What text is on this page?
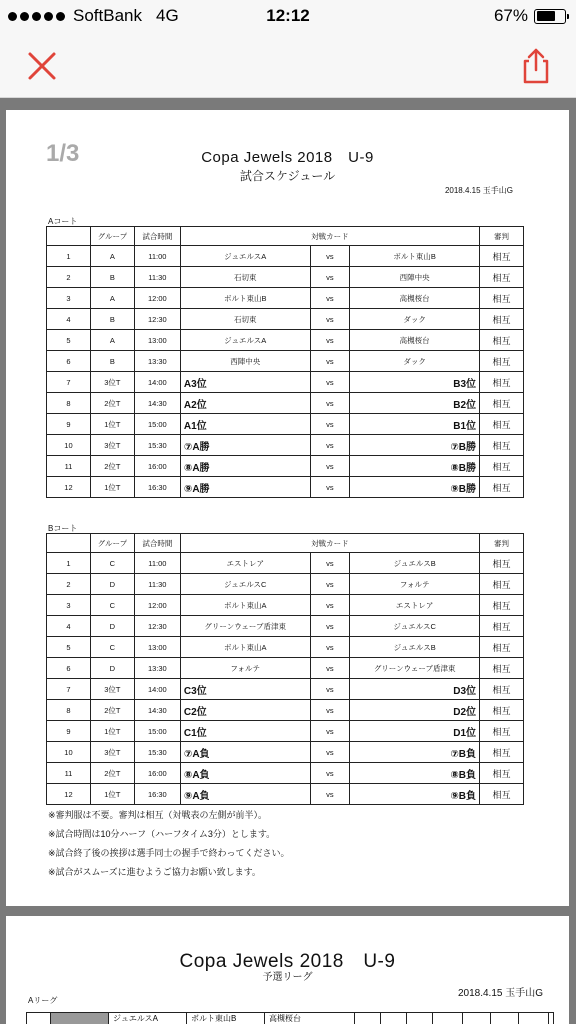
SoftBank 4G	12:12	67%
1/3	Copa Jewels 2018　U-9
試合スケジュール
2018.4.15 玉手山G
Aコート
	グループ	試合時間	対戦カード			審判
1	A	11:00	ジュエルスA	vs	ボルト東山B	相互
2	B	11:30	石切東	vs	西陣中央	相互
3	A	12:00	ボルト東山B	vs	高槻桜台	相互
4	B	12:30	石切東	vs	ダック	相互
5	A	13:00	ジュエルスA	vs	高槻桜台	相互
6	B	13:30	西陣中央	vs	ダック	相互
7	3位T	14:00	A3位	vs	B3位	相互
8	2位T	14:30	A2位	vs	B2位	相互
9	1位T	15:00	A1位	vs	B1位	相互
10	3位T	15:30	⑦A勝	vs	⑦B勝	相互
11	2位T	16:00	⑧A勝	vs	⑧B勝	相互
12	1位T	16:30	⑨A勝	vs	⑨B勝	相互
Bコート
	グループ	試合時間	対戦カード			審判
1	C	11:00	エストレア	vs	ジュエルスB	相互
2	D	11:30	ジュエルスC	vs	フォルテ	相互
3	C	12:00	ボルト東山A	vs	エストレア	相互
4	D	12:30	グリーンウェーブ盾津東	vs	ジュエルスC	相互
5	C	13:00	ボルト東山A	vs	ジュエルスB	相互
6	D	13:30	フォルテ	vs	グリーンウェーブ盾津東	相互
7	3位T	14:00	C3位	vs	D3位	相互
8	2位T	14:30	C2位	vs	D2位	相互
9	1位T	15:00	C1位	vs	D1位	相互
10	3位T	15:30	⑦A負	vs	⑦B負	相互
11	2位T	16:00	⑧A負	vs	⑧B負	相互
12	1位T	16:30	⑨A負	vs	⑨B負	相互
※審判服は不要。審判は相互（対戦表の左側が前半）。
※試合時間は10分ハーフ（ハーフタイム3分）とします。
※試合終了後の挨拶は選手同士の握手で終わってください。
※試合がスムーズに進むようご協力お願い致します。
Copa Jewels 2018　U-9
予選リーグ
2018.4.15 玉手山G
Aリーグ
ジュエルスA	ボルト東山B	高槻桜台
